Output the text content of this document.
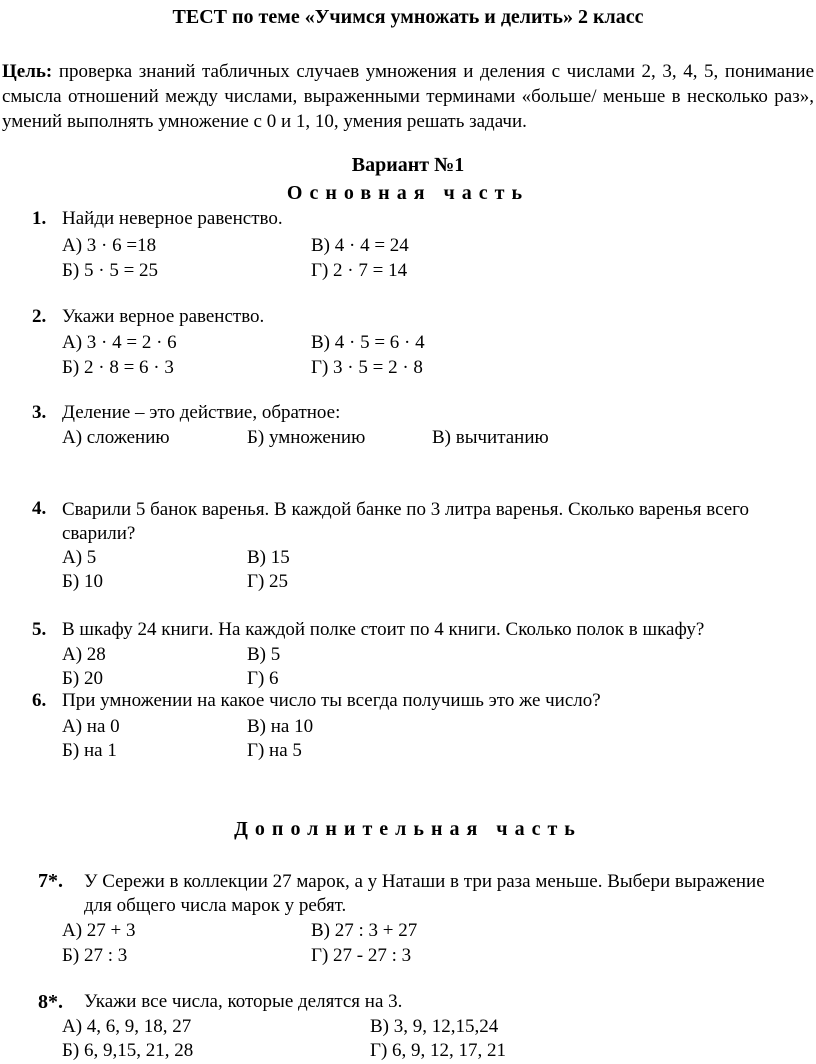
ТЕСТ по теме «Учимся умножать и делить» 2 класс
Цель: проверка знаний табличных случаев умножения и деления с числами 2, 3, 4, 5, понимание смысла отношений между числами, выраженными терминами «больше/ меньше в несколько раз», умений выполнять умножение с 0 и 1, 10, умения решать задачи.
Вариант №1
Основная часть
1. Найди неверное равенство.
А) 3 · 6 =18	В) 4 · 4 = 24
Б) 5 · 5 = 25	Г) 2 · 7 = 14
2. Укажи верное равенство.
А) 3 · 4 = 2 · 6	В) 4 · 5 = 6 · 4
Б) 2 · 8 = 6 · 3	Г) 3 · 5 = 2 · 8
3. Деление – это действие, обратное:
А) сложению	Б) умножению	В) вычитанию
4. Сварили 5 банок варенья. В каждой банке по 3 литра варенья. Сколько варенья всего сварили?
А) 5	В) 15
Б) 10	Г) 25
5. В шкафу 24 книги. На каждой полке стоит по 4 книги. Сколько полок в шкафу?
А) 28	В) 5
Б) 20	Г) 6
6. При умножении на какое число ты всегда получишь это же число?
А) на 0	В) на 10
Б) на 1	Г) на 5
Дополнительная часть
7*. У Сережи в коллекции 27 марок, а у Наташи в три раза меньше. Выбери выражение для общего числа марок у ребят.
А) 27 + 3	В) 27 : 3 + 27
Б) 27 : 3	Г) 27 - 27 : 3
8*. Укажи все числа, которые делятся на 3.
А) 4, 6, 9, 18, 27	В) 3, 9, 12,15,24
Б) 6, 9,15, 21, 28	Г) 6, 9, 12, 17, 21
